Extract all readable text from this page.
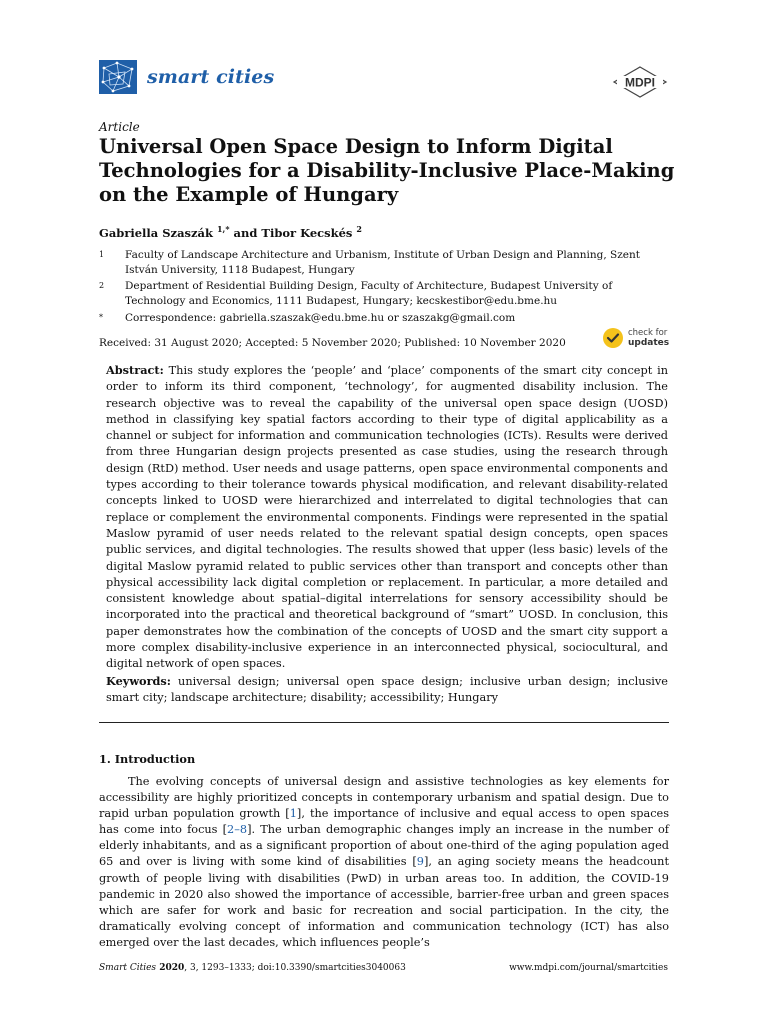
smart cities	MDPI
Article
Universal Open Space Design to Inform Digital Technologies for a Disability-Inclusive Place-Making on the Example of Hungary
Gabriella Szaszák $^{1,*}$ and Tibor Kecskés $^2$
1	Faculty of Landscape Architecture and Urbanism, Institute of Urban Design and Planning, Szent István University, 1118 Budapest, Hungary
2	Department of Residential Building Design, Faculty of Architecture, Budapest University of Technology and Economics, 1111 Budapest, Hungary; kecskestibor@edu.bme.hu
*	Correspondence: gabriella.szaszak@edu.bme.hu or szaszakg@gmail.com
Received: 31 August 2020; Accepted: 5 November 2020; Published: 10 November 2020
check for
updates

Abstract: This study explores the ‘people’ and ‘place’ components of the smart city concept in order to inform its third component, ‘technology’, for augmented disability inclusion. The research objective was to reveal the capability of the universal open space design (UOSD) method in classifying key spatial factors according to their type of digital applicability as a channel or subject for information and communication technologies (ICTs). Results were derived from three Hungarian design projects presented as case studies, using the research through design (RtD) method. User needs and usage patterns, open space environmental components and types according to their tolerance towards physical modification, and relevant disability-related concepts linked to UOSD were hierarchized and interrelated to digital technologies that can replace or complement the environmental components. Findings were represented in the spatial Maslow pyramid of user needs related to the relevant spatial design concepts, open spaces public services, and digital technologies. The results showed that upper (less basic) levels of the digital Maslow pyramid related to public services other than transport and concepts other than physical accessibility lack digital completion or replacement. In particular, a more detailed and consistent knowledge about spatial–digital interrelations for sensory accessibility should be incorporated into the practical and theoretical background of “smart” UOSD. In conclusion, this paper demonstrates how the combination of the concepts of UOSD and the smart city support a more complex disability-inclusive experience in an interconnected physical, sociocultural, and digital network of open spaces.

Keywords: universal design; universal open space design; inclusive urban design; inclusive smart city; landscape architecture; disability; accessibility; Hungary

1. Introduction

The evolving concepts of universal design and assistive technologies as key elements for accessibility are highly prioritized concepts in contemporary urbanism and spatial design. Due to rapid urban population growth [1], the importance of inclusive and equal access to open spaces has come into focus [2–8]. The urban demographic changes imply an increase in the number of elderly inhabitants, and as a significant proportion of about one-third of the aging population aged 65 and over is living with some kind of disabilities [9], an aging society means the headcount growth of people living with disabilities (PwD) in urban areas too. In addition, the COVID-19 pandemic in 2020 also showed the importance of accessible, barrier-free urban and green spaces which are safer for work and basic for recreation and social participation. In the city, the dramatically evolving concept of information and communication technology (ICT) has also emerged over the last decades, which influences people’s

Smart Cities 2020, 3, 1293–1333; doi:10.3390/smartcities3040063	www.mdpi.com/journal/smartcities
